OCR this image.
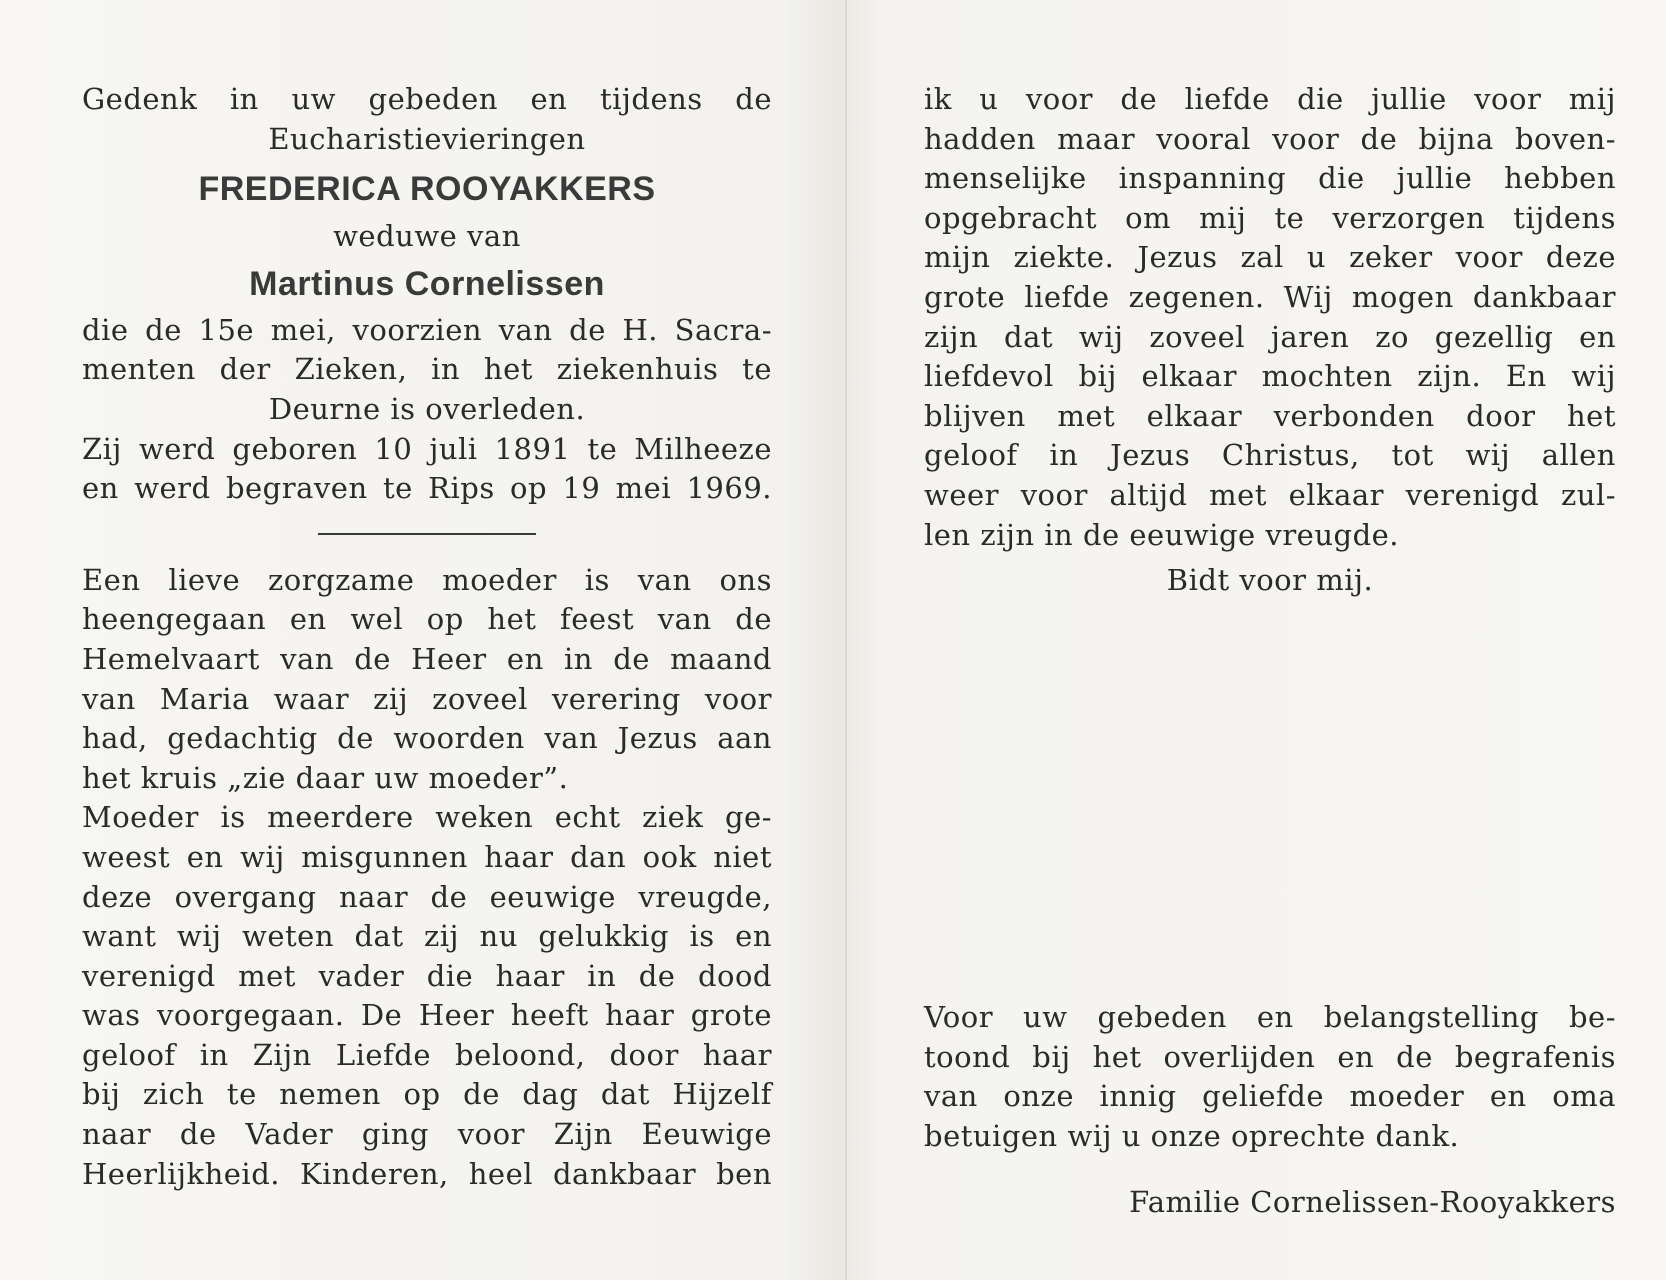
Gedenk in uw gebeden en tijdens de
Eucharistievieringen
FREDERICA ROOYAKKERS
weduwe van
Martinus Cornelissen
die de 15e mei, voorzien van de H. Sacra-
menten der Zieken, in het ziekenhuis te
Deurne is overleden.
Zij werd geboren 10 juli 1891 te Milheeze
en werd begraven te Rips op 19 mei 1969.
Een lieve zorgzame moeder is van ons
heengegaan en wel op het feest van de
Hemelvaart van de Heer en in de maand
van Maria waar zij zoveel verering voor
had, gedachtig de woorden van Jezus aan
het kruis „zie daar uw moeder”.
Moeder is meerdere weken echt ziek ge-
weest en wij misgunnen haar dan ook niet
deze overgang naar de eeuwige vreugde,
want wij weten dat zij nu gelukkig is en
verenigd met vader die haar in de dood
was voorgegaan. De Heer heeft haar grote
geloof in Zijn Liefde beloond, door haar
bij zich te nemen op de dag dat Hijzelf
naar de Vader ging voor Zijn Eeuwige
Heerlijkheid. Kinderen, heel dankbaar ben
ik u voor de liefde die jullie voor mij
hadden maar vooral voor de bijna boven-
menselijke inspanning die jullie hebben
opgebracht om mij te verzorgen tijdens
mijn ziekte. Jezus zal u zeker voor deze
grote liefde zegenen. Wij mogen dankbaar
zijn dat wij zoveel jaren zo gezellig en
liefdevol bij elkaar mochten zijn. En wij
blijven met elkaar verbonden door het
geloof in Jezus Christus, tot wij allen
weer voor altijd met elkaar verenigd zul-
len zijn in de eeuwige vreugde.
Bidt voor mij.
Voor uw gebeden en belangstelling be-
toond bij het overlijden en de begrafenis
van onze innig geliefde moeder en oma
betuigen wij u onze oprechte dank.
Familie Cornelissen-Rooyakkers
